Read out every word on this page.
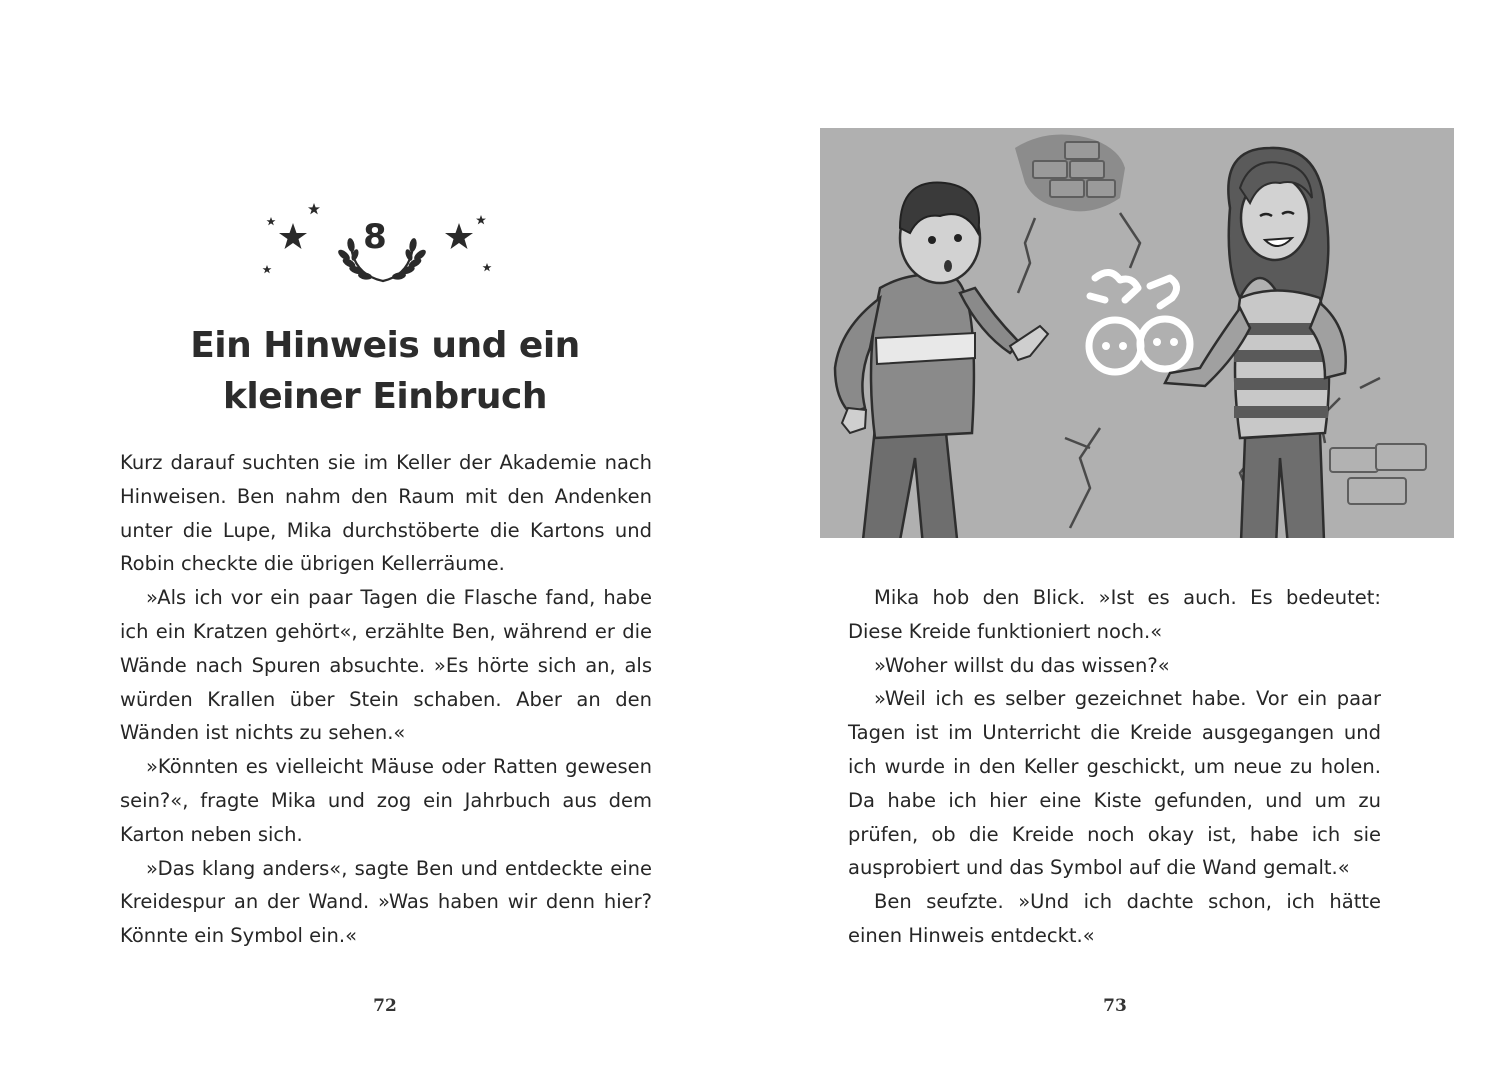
8
Ein Hinweis und ein
kleiner Einbruch

Kurz darauf suchten sie im Keller der Akademie nach Hinweisen. Ben nahm den Raum mit den Andenken unter die Lupe, Mika durchstöberte die Kartons und Robin checkte die übrigen Kellerräume.

»Als ich vor ein paar Tagen die Flasche fand, habe ich ein Kratzen gehört«, erzählte Ben, während er die Wände nach Spuren absuchte. »Es hörte sich an, als würden Krallen über Stein schaben. Aber an den Wänden ist nichts zu sehen.«

»Könnten es vielleicht Mäuse oder Ratten gewesen sein?«, fragte Mika und zog ein Jahrbuch aus dem Karton neben sich.

»Das klang anders«, sagte Ben und entdeckte eine Kreidespur an der Wand. »Was haben wir denn hier? Könnte ein Symbol ein.«

72

Mika hob den Blick. »Ist es auch. Es bedeutet: Diese Kreide funktioniert noch.«

»Woher willst du das wissen?«

»Weil ich es selber gezeichnet habe. Vor ein paar Tagen ist im Unterricht die Kreide ausgegangen und ich wurde in den Keller geschickt, um neue zu holen. Da habe ich hier eine Kiste gefunden, und um zu prüfen, ob die Kreide noch okay ist, habe ich sie ausprobiert und das Symbol auf die Wand gemalt.«

Ben seufzte. »Und ich dachte schon, ich hätte einen Hinweis entdeckt.«

73
